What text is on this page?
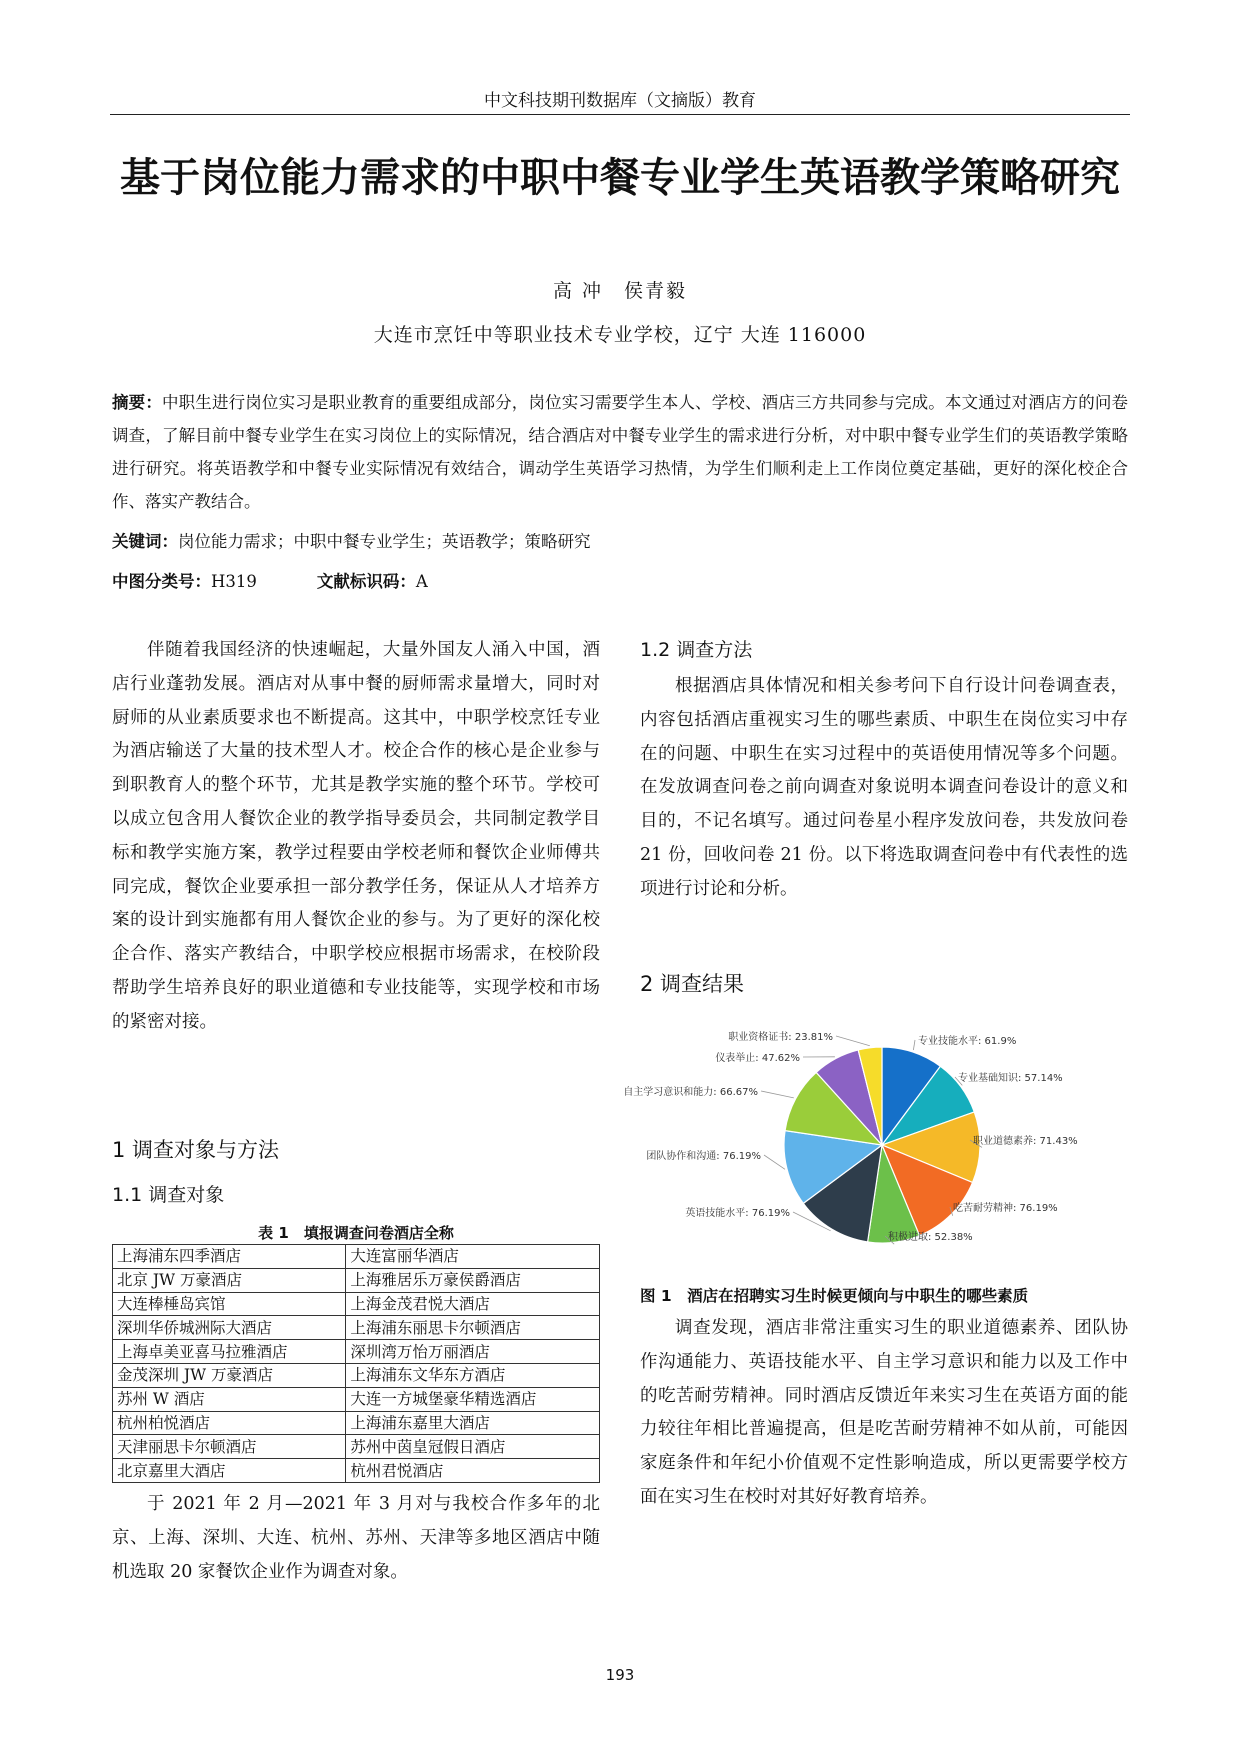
中文科技期刊数据库（文摘版）教育
基于岗位能力需求的中职中餐专业学生英语教学策略研究
高 冲　侯青毅
大连市烹饪中等职业技术专业学校，辽宁 大连 116000
摘要：中职生进行岗位实习是职业教育的重要组成部分，岗位实习需要学生本人、学校、酒店三方共同参与完成。本文通过对酒店方的问卷调查，了解目前中餐专业学生在实习岗位上的实际情况，结合酒店对中餐专业学生的需求进行分析，对中职中餐专业学生们的英语教学策略进行研究。将英语教学和中餐专业实际情况有效结合，调动学生英语学习热情，为学生们顺利走上工作岗位奠定基础，更好的深化校企合作、落实产教结合。
关键词：岗位能力需求；中职中餐专业学生；英语教学；策略研究
中图分类号：H319	文献标识码：A

伴随着我国经济的快速崛起，大量外国友人涌入中国，酒店行业蓬勃发展。酒店对从事中餐的厨师需求量增大，同时对厨师的从业素质要求也不断提高。这其中，中职学校烹饪专业为酒店输送了大量的技术型人才。校企合作的核心是企业参与到职教育人的整个环节，尤其是教学实施的整个环节。学校可以成立包含用人餐饮企业的教学指导委员会，共同制定教学目标和教学实施方案，教学过程要由学校老师和餐饮企业师傅共同完成，餐饮企业要承担一部分教学任务，保证从人才培养方案的设计到实施都有用人餐饮企业的参与。为了更好的深化校企合作、落实产教结合，中职学校应根据市场需求，在校阶段帮助学生培养良好的职业道德和专业技能等，实现学校和市场的紧密对接。

1 调查对象与方法
1.1 调查对象
表 1　填报调查问卷酒店全称
上海浦东四季酒店	大连富丽华酒店
北京 JW 万豪酒店	上海雅居乐万豪侯爵酒店
大连棒棰岛宾馆	上海金茂君悦大酒店
深圳华侨城洲际大酒店	上海浦东丽思卡尔顿酒店
上海卓美亚喜马拉雅酒店	深圳湾万怡万丽酒店
金茂深圳 JW 万豪酒店	上海浦东文华东方酒店
苏州 W 酒店	大连一方城堡豪华精选酒店
杭州柏悦酒店	上海浦东嘉里大酒店
天津丽思卡尔顿酒店	苏州中茵皇冠假日酒店
北京嘉里大酒店	杭州君悦酒店

于 2021 年 2 月—2021 年 3 月对与我校合作多年的北京、上海、深圳、大连、杭州、苏州、天津等多地区酒店中随机选取 20 家餐饮企业作为调查对象。

1.2 调查方法

根据酒店具体情况和相关参考问下自行设计问卷调查表，内容包括酒店重视实习生的哪些素质、中职生在岗位实习中存在的问题、中职生在实习过程中的英语使用情况等多个问题。在发放调查问卷之前向调查对象说明本调查问卷设计的意义和目的，不记名填写。通过问卷星小程序发放问卷，共发放问卷 21 份，回收问卷 21 份。以下将选取调查问卷中有代表性的选项进行讨论和分析。

2 调查结果
专业技能水平: 61.9%
专业基础知识: 57.14%
职业道德素养: 71.43%
吃苦耐劳精神: 76.19%
积极进取: 52.38%
英语技能水平: 76.19%
团队协作和沟通: 76.19%
自主学习意识和能力: 66.67%
仪表举止: 47.62%
职业资格证书: 23.81%
图 1　酒店在招聘实习生时候更倾向与中职生的哪些素质

调查发现，酒店非常注重实习生的职业道德素养、团队协作沟通能力、英语技能水平、自主学习意识和能力以及工作中的吃苦耐劳精神。同时酒店反馈近年来实习生在英语方面的能力较往年相比普遍提高，但是吃苦耐劳精神不如从前，可能因家庭条件和年纪小价值观不定性影响造成，所以更需要学校方面在实习生在校时对其好好教育培养。

193
